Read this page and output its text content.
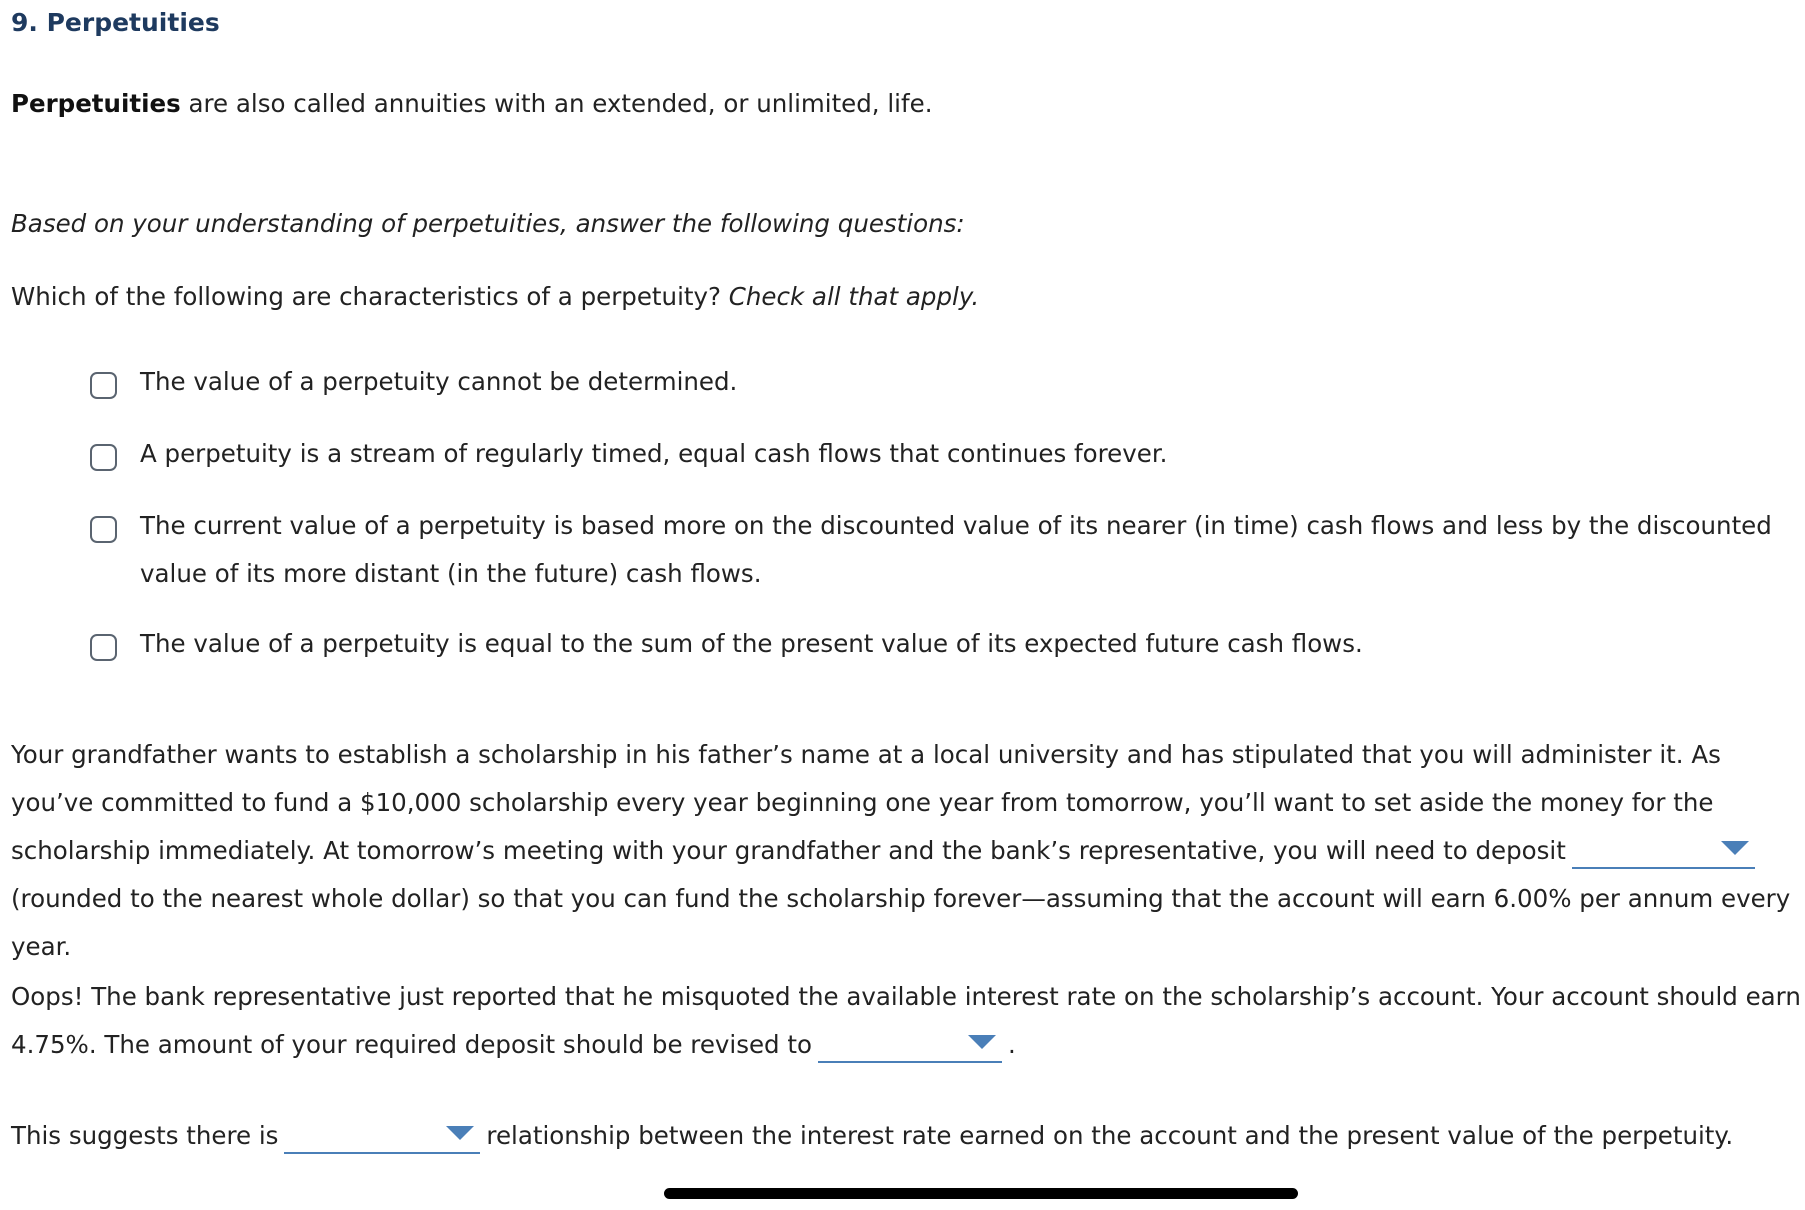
9. Perpetuities
Perpetuities are also called annuities with an extended, or unlimited, life.
Based on your understanding of perpetuities, answer the following questions:
Which of the following are characteristics of a perpetuity? Check all that apply.
The value of a perpetuity cannot be determined.
A perpetuity is a stream of regularly timed, equal cash flows that continues forever.
The current value of a perpetuity is based more on the discounted value of its nearer (in time) cash flows and less by the discounted value of its more distant (in the future) cash flows.
The value of a perpetuity is equal to the sum of the present value of its expected future cash flows.
Your grandfather wants to establish a scholarship in his father’s name at a local university and has stipulated that you will administer it. As you’ve committed to fund a $10,000 scholarship every year beginning one year from tomorrow, you’ll want to set aside the money for the scholarship immediately. At tomorrow’s meeting with your grandfather and the bank’s representative, you will need to deposit
(rounded to the nearest whole dollar) so that you can fund the scholarship forever—assuming that the account will earn 6.00% per annum every year.
Oops! The bank representative just reported that he misquoted the available interest rate on the scholarship’s account. Your account should earn 4.75%. The amount of your required deposit should be revised to	.
This suggests there is	relationship between the interest rate earned on the account and the present value of the perpetuity.
